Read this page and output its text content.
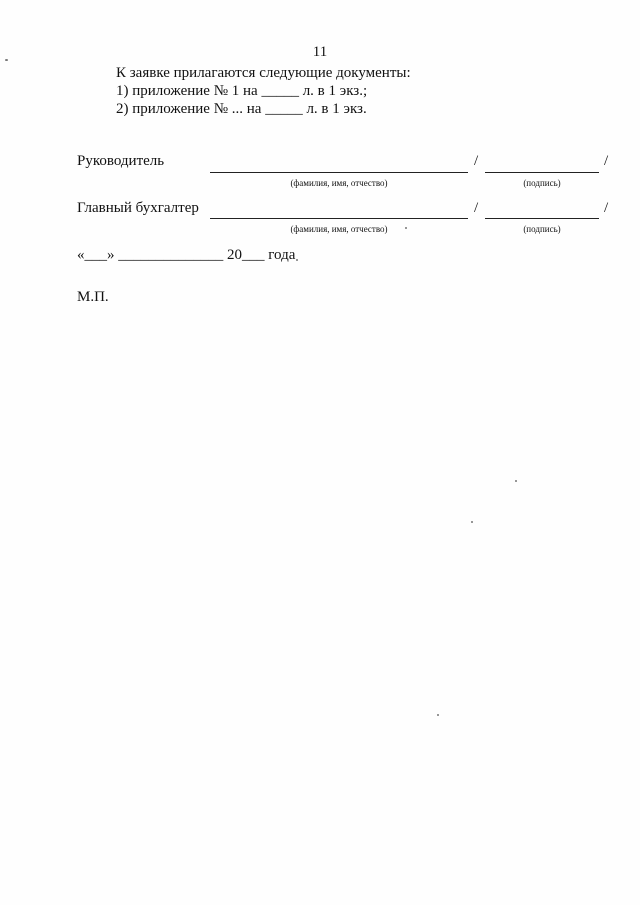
11
К заявке прилагаются следующие документы:
1) приложение № 1 на _____ л. в 1 экз.;
2) приложение № ... на _____ л. в 1 экз.
Руководитель	/	/
(фамилия, имя, отчество)	(подпись)
Главный бухгалтер	/	/
(фамилия, имя, отчество)	(подпись)
«___» ______________ 20___ года
М.П.
